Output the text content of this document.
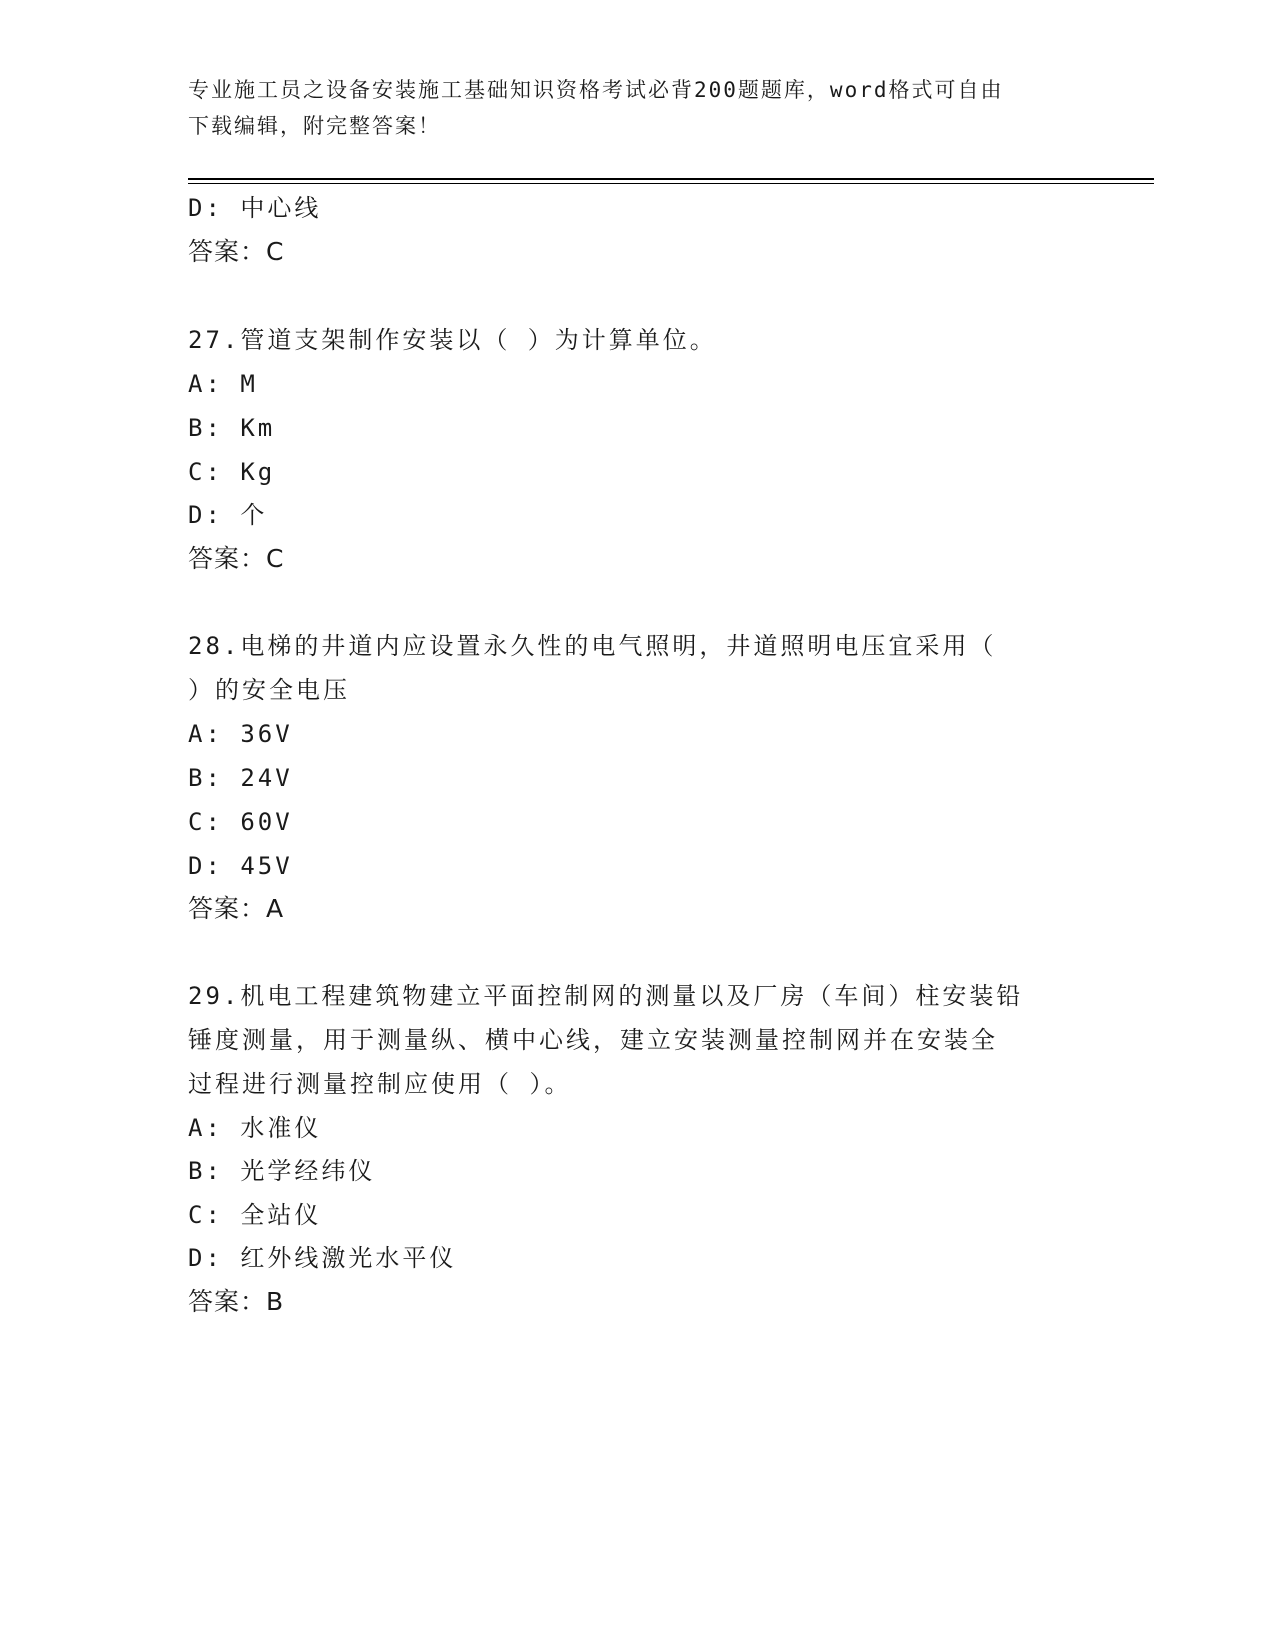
专业施工员之设备安装施工基础知识资格考试必背200题题库，word格式可自由
下载编辑，附完整答案！
D: 中心线
答案：C
27.管道支架制作安装以（ ）为计算单位。
A: M
B: Km
C: Kg
D: 个
答案：C
28.电梯的井道内应设置永久性的电气照明，井道照明电压宜采用（
）的安全电压
A: 36V
B: 24V
C: 60V
D: 45V
答案：A
29.机电工程建筑物建立平面控制网的测量以及厂房（车间）柱安装铅
锤度测量，用于测量纵、横中心线，建立安装测量控制网并在安装全
过程进行测量控制应使用（ ）。
A: 水准仪
B: 光学经纬仪
C: 全站仪
D: 红外线激光水平仪
答案：B
